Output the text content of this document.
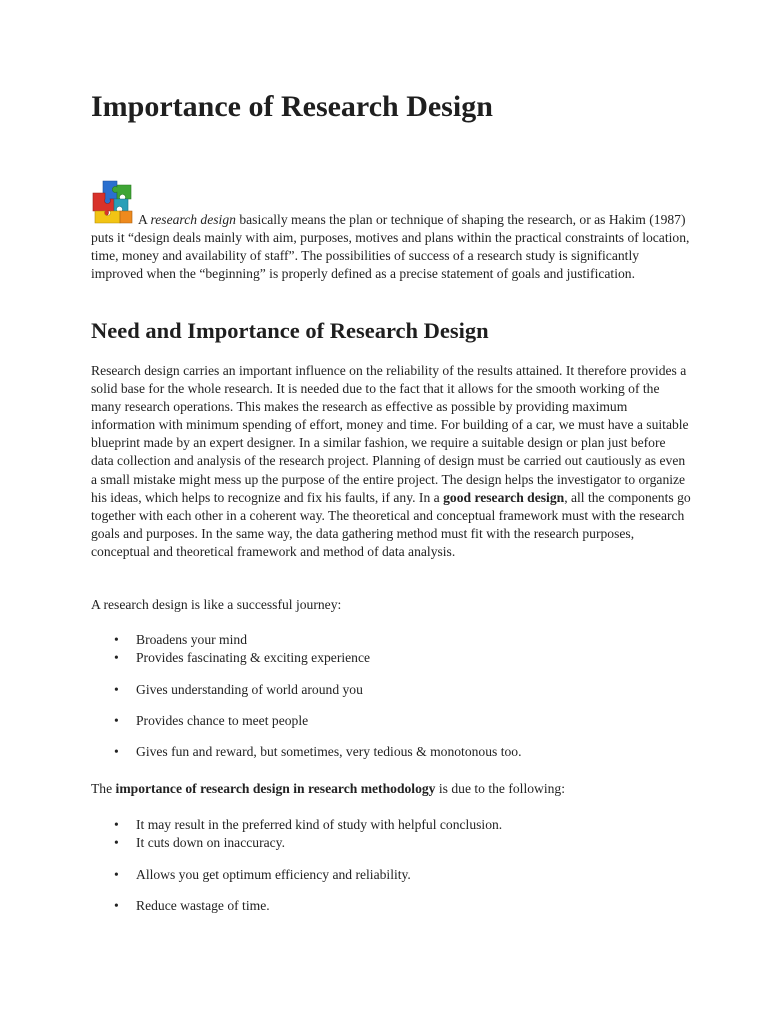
Importance of Research Design

A research design basically means the plan or technique of shaping the research, or as Hakim (1987) puts it “design deals mainly with aim, purposes, motives and plans within the practical constraints of location, time, money and availability of staff”. The possibilities of success of a research study is significantly improved when the “beginning” is properly defined as a precise statement of goals and justification.

Need and Importance of Research Design

Research design carries an important influence on the reliability of the results attained. It therefore provides a solid base for the whole research. It is needed due to the fact that it allows for the smooth working of the many research operations. This makes the research as effective as possible by providing maximum information with minimum spending of effort, money and time. For building of a car, we must have a suitable blueprint made by an expert designer. In a similar fashion, we require a suitable design or plan just before data collection and analysis of the research project. Planning of design must be carried out cautiously as even a small mistake might mess up the purpose of the entire project. The design helps the investigator to organize his ideas, which helps to recognize and fix his faults, if any. In a good research design, all the components go together with each other in a coherent way. The theoretical and conceptual framework must with the research goals and purposes. In the same way, the data gathering method must fit with the research purposes, conceptual and theoretical framework and method of data analysis.

A research design is like a successful journey:

• Broadens your mind
• Provides fascinating & exciting experience
• Gives understanding of world around you
• Provides chance to meet people
• Gives fun and reward, but sometimes, very tedious & monotonous too.

The importance of research design in research methodology is due to the following:

• It may result in the preferred kind of study with helpful conclusion.
• It cuts down on inaccuracy.
• Allows you get optimum efficiency and reliability.
• Reduce wastage of time.
